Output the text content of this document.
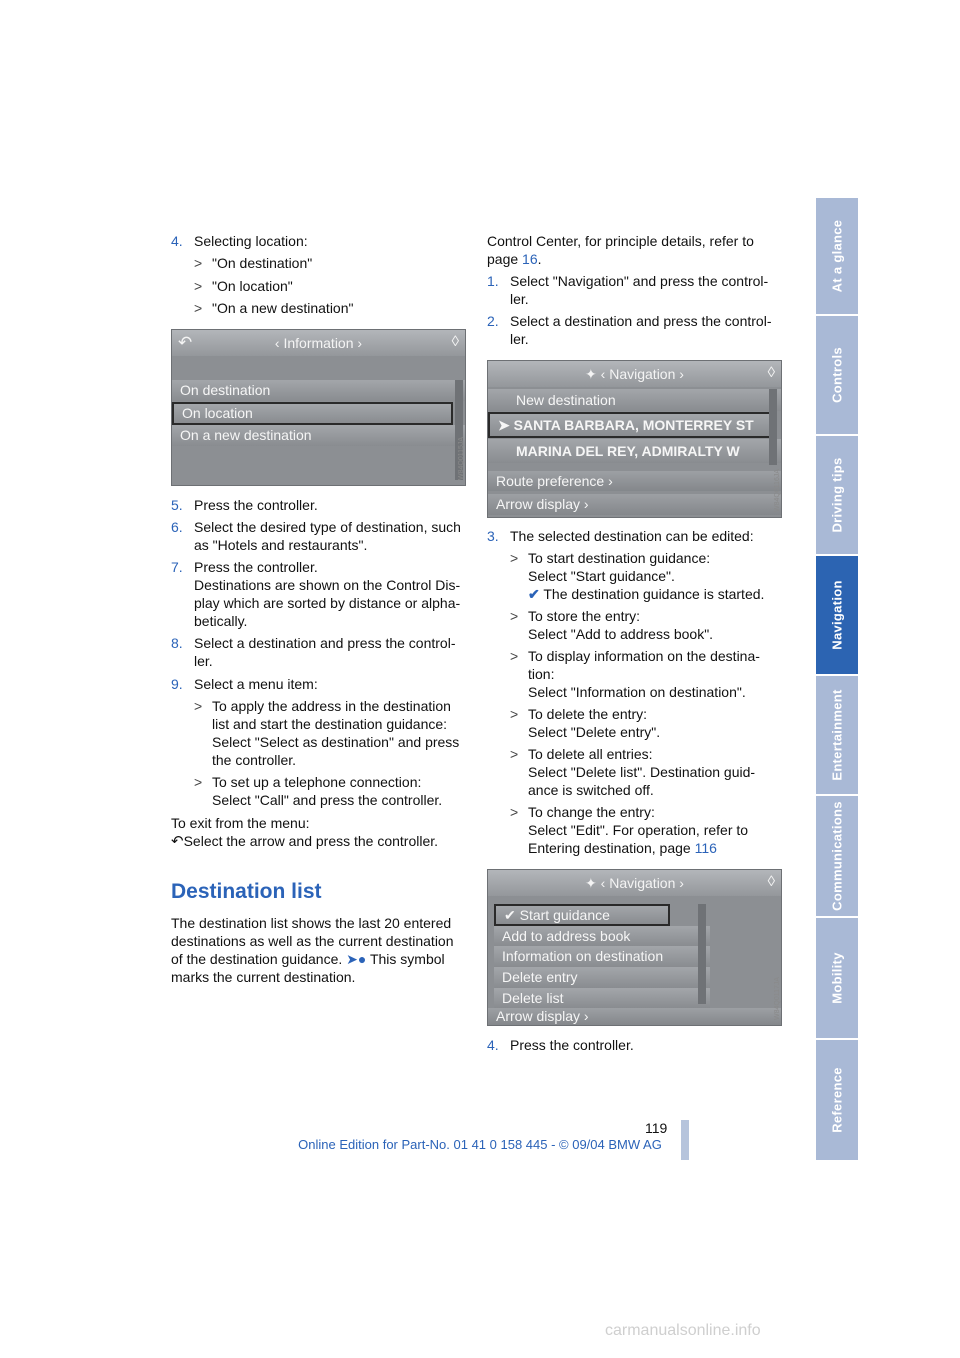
At a glance
Controls
Driving tips
Navigation
Entertainment
Communications
Mobility
Reference
4. Selecting location:
> "On destination"
> "On location"
> "On a new destination"
↶	‹ Information ›	◊
On destination
On location
On a new destination
W84Q0115JA
5. Press the controller.
6. Select the desired type of destination, such
as "Hotels and restaurants".
7. Press the controller.
Destinations are shown on the Control Dis-
play which are sorted by distance or alpha-
betically.
8. Select a destination and press the control-
ler.
9. Select a menu item:
> To apply the address in the destination
list and start the destination guidance:
Select "Select as destination" and press
the controller.
> To set up a telephone connection:
Select "Call" and press the controller.
To exit from the menu:
↶Select the arrow and press the controller.
Destination list
The destination list shows the last 20 entered
destinations as well as the current destination
of the destination guidance. ➤● This symbol
marks the current destination.
Control Center, for principle details, refer to
page 16.
1. Select "Navigation" and press the control-
ler.
2. Select a destination and press the control-
ler.
✦ ‹ Navigation ›	◊
New destination
➤ SANTA BARBARA, MONTERREY ST
MARINA DEL REY, ADMIRALTY W
Route preference ›
Arrow display ›	W84Q0116JA
3. The selected destination can be edited:
> To start destination guidance:
Select "Start guidance".
✔ The destination guidance is started.
> To store the entry:
Select "Add to address book".
> To display information on the destina-
tion:
Select "Information on destination".
> To delete the entry:
Select "Delete entry".
> To delete all entries:
Select "Delete list". Destination guid-
ance is switched off.
> To change the entry:
Select "Edit". For operation, refer to
Entering destination, page 116
✦ ‹ Navigation ›	◊
✔ Start guidance
Add to address book
Information on destination
Delete entry
Delete list
Arrow display ›	W84Q0117JA
4. Press the controller.
119
Online Edition for Part-No. 01 41 0 158 445 - © 09/04 BMW AG
carmanualsonline.info
